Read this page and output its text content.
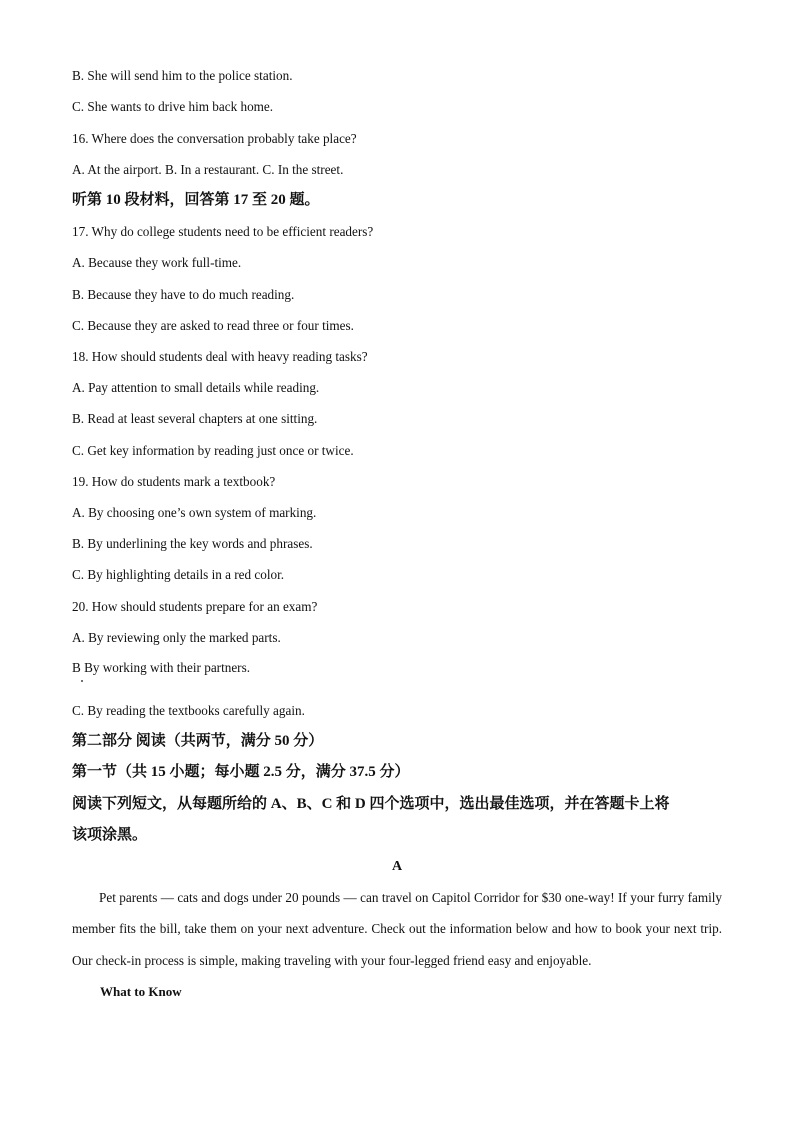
B. She will send him to the police station.
C. She wants to drive him back home.
16. Where does the conversation probably take place?
A. At the airport. B. In a restaurant. C. In the street.
听第 10 段材料，回答第 17 至 20 题。
17. Why do college students need to be efficient readers?
A. Because they work full-time.
B. Because they have to do much reading.
C. Because they are asked to read three or four times.
18. How should students deal with heavy reading tasks?
A. Pay attention to small details while reading.
B. Read at least several chapters at one sitting.
C. Get key information by reading just once or twice.
19. How do students mark a textbook?
A. By choosing one’s own system of marking.
B. By underlining the key words and phrases.
C. By highlighting details in a red color.
20. How should students prepare for an exam?
A. By reviewing only the marked parts.
B By working with their partners.
C. By reading the textbooks carefully again.
第二部分 阅读（共两节，满分 50 分）
第一节（共 15 小题；每小题 2.5 分，满分 37.5 分）
阅读下列短文，从每题所给的 A、B、C 和 D 四个选项中，选出最佳选项，并在答题卡上将
该项涂黑。
A
Pet parents — cats and dogs under 20 pounds — can travel on Capitol Corridor for $30 one-way! If your furry family member fits the bill, take them on your next adventure. Check out the information below and how to book your next trip. Our check-in process is simple, making traveling with your four-legged friend easy and enjoyable.
What to Know
